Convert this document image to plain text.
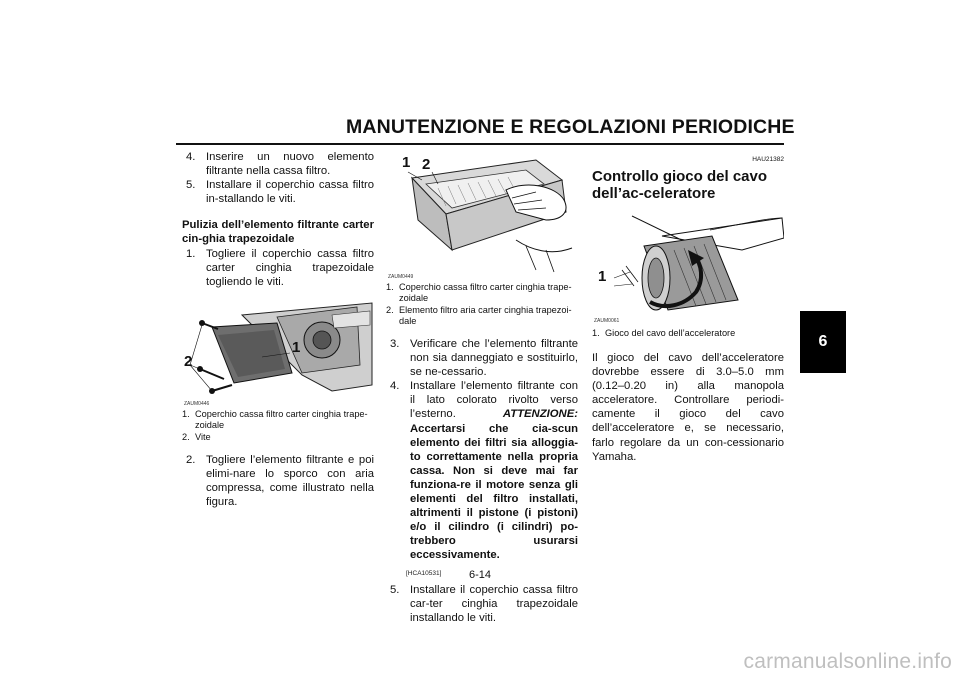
MANUTENZIONE E REGOLAZIONI PERIODICHE
6
4. Inserire un nuovo elemento filtrante nella cassa filtro.
5. Installare il coperchio cassa filtro in-stallando le viti.
Pulizia dell’elemento filtrante carter cin-ghia trapezoidale
1. Togliere il coperchio cassa filtro carter cinghia trapezoidale togliendo le viti.
1
2
ZAUM0446
1. Coperchio cassa filtro carter cinghia trape-zoidale
2. Vite
2. Togliere l’elemento filtrante e poi elimi-nare lo sporco con aria compressa, come illustrato nella figura.
1 2
ZAUM0449
1. Coperchio cassa filtro carter cinghia trape-zoidale
2. Elemento filtro aria carter cinghia trapezoi-dale
3. Verificare che l’elemento filtrante non sia danneggiato e sostituirlo, se ne-cessario.
4. Installare l’elemento filtrante con il lato colorato rivolto verso l’esterno.	ATTENZIONE: Accertarsi che cia-scun elemento dei filtri sia alloggia-to correttamente nella propria cassa. Non si deve mai far funziona-re il motore senza gli elementi del filtro installati, altrimenti il pistone (i pistoni) e/o il cilindro (i cilindri) po-trebbero usurarsi eccessivamente.
[HCA10531]
5. Installare il coperchio cassa filtro car-ter cinghia trapezoidale installando le viti.
HAU21382
Controllo gioco del cavo dell’ac-celeratore
1
ZAUM0061
1. Gioco del cavo dell’acceleratore
Il gioco del cavo dell’acceleratore dovrebbe essere di 3.0–5.0 mm (0.12–0.20 in) alla manopola acceleratore. Controllare periodi-camente il gioco del cavo dell’acceleratore e, se necessario, farlo regolare da un con-cessionario Yamaha.
6-14
carmanualsonline.info
